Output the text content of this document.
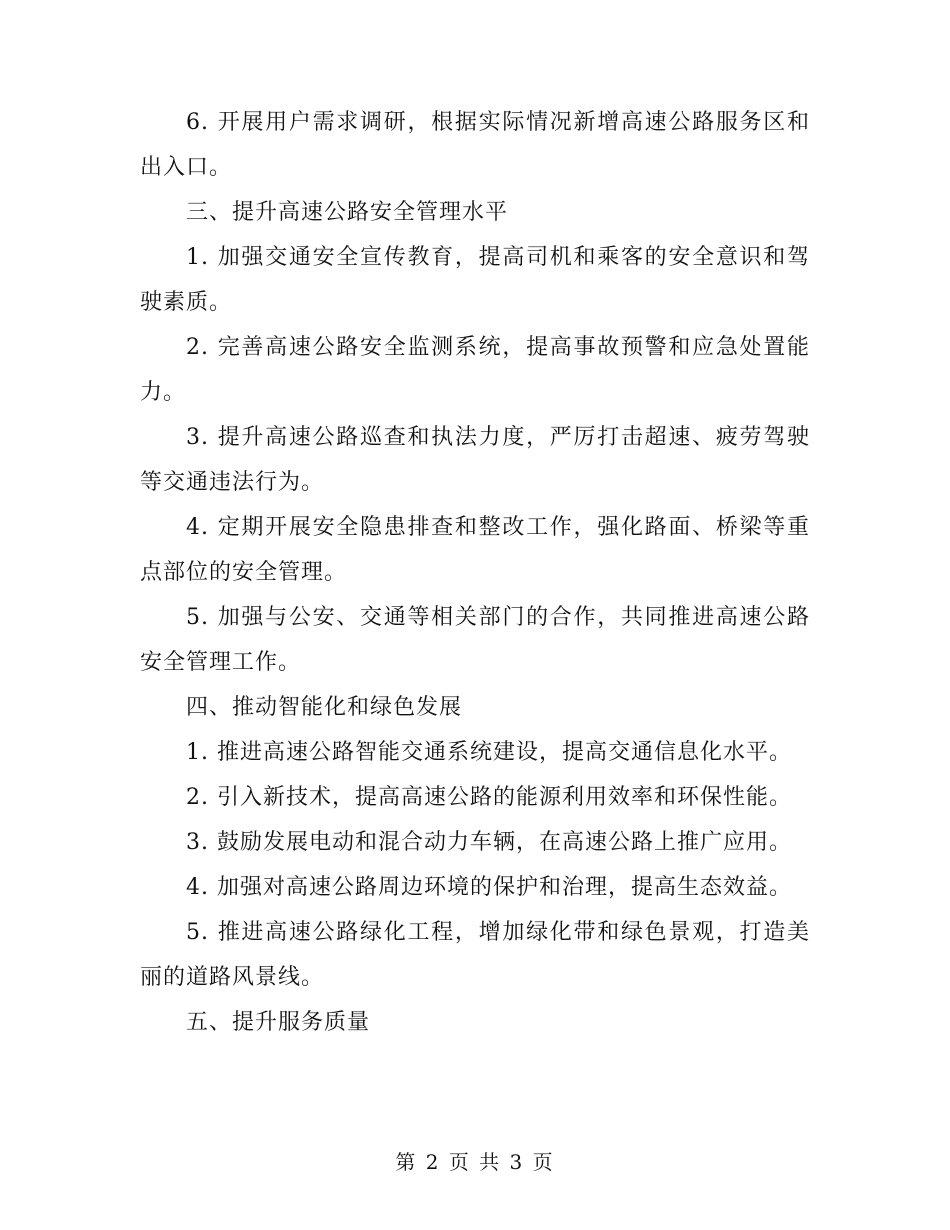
6. 开展用户需求调研，根据实际情况新增高速公路服务区和出入口。

三、提升高速公路安全管理水平

1. 加强交通安全宣传教育，提高司机和乘客的安全意识和驾驶素质。

2. 完善高速公路安全监测系统，提高事故预警和应急处置能力。

3. 提升高速公路巡查和执法力度，严厉打击超速、疲劳驾驶等交通违法行为。

4. 定期开展安全隐患排查和整改工作，强化路面、桥梁等重点部位的安全管理。

5. 加强与公安、交通等相关部门的合作，共同推进高速公路安全管理工作。

四、推动智能化和绿色发展

1. 推进高速公路智能交通系统建设，提高交通信息化水平。

2. 引入新技术，提高高速公路的能源利用效率和环保性能。

3. 鼓励发展电动和混合动力车辆，在高速公路上推广应用。

4. 加强对高速公路周边环境的保护和治理，提高生态效益。

5. 推进高速公路绿化工程，增加绿化带和绿色景观，打造美丽的道路风景线。

五、提升服务质量

第 2 页 共 3 页
